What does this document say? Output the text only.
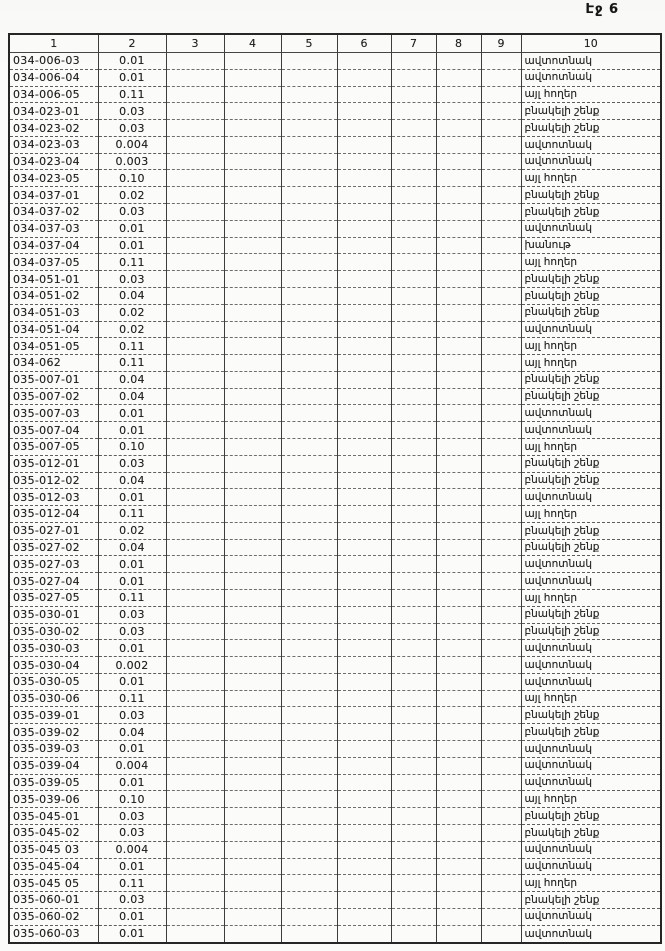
Էջ 6
1	2	3	4	5	6	7	8	9	10
034-006-03	0.01								ավտոտնակ
034-006-04	0.01								ավտոտնակ
034-006-05	0.11								այլ հողեր
034-023-01	0.03								բնակելի շենք
034-023-02	0.03								բնակելի շենք
034-023-03	0.004								ավտոտնակ
034-023-04	0.003								ավտոտնակ
034-023-05	0.10								այլ հողեր
034-037-01	0.02								բնակելի շենք
034-037-02	0.03								բնակելի շենք
034-037-03	0.01								ավտոտնակ
034-037-04	0.01								խանութ
034-037-05	0.11								այլ հողեր
034-051-01	0.03								բնակելի շենք
034-051-02	0.04								բնակելի շենք
034-051-03	0.02								բնակելի շենք
034-051-04	0.02								ավտոտնակ
034-051-05	0.11								այլ հողեր
034-062	0.11								այլ հողեր
035-007-01	0.04								բնակելի շենք
035-007-02	0.04								բնակելի շենք
035-007-03	0.01								ավտոտնակ
035-007-04	0.01								ավտոտնակ
035-007-05	0.10								այլ հողեր
035-012-01	0.03								բնակելի շենք
035-012-02	0.04								բնակելի շենք
035-012-03	0.01								ավտոտնակ
035-012-04	0.11								այլ հողեր
035-027-01	0.02								բնակելի շենք
035-027-02	0.04								բնակելի շենք
035-027-03	0.01								ավտոտնակ
035-027-04	0.01								ավտոտնակ
035-027-05	0.11								այլ հողեր
035-030-01	0.03								բնակելի շենք
035-030-02	0.03								բնակելի շենք
035-030-03	0.01								ավտոտնակ
035-030-04	0.002								ավտոտնակ
035-030-05	0.01								ավտոտնակ
035-030-06	0.11								այլ հողեր
035-039-01	0.03								բնակելի շենք
035-039-02	0.04								բնակելի շենք
035-039-03	0.01								ավտոտնակ
035-039-04	0.004								ավտոտնակ
035-039-05	0.01								ավտոտնակ
035-039-06	0.10								այլ հողեր
035-045-01	0.03								բնակելի շենք
035-045-02	0.03								բնակելի շենք
035-045 03	0.004								ավտոտնակ
035-045-04	0.01								ավտոտնակ
035-045 05	0.11								այլ հողեր
035-060-01	0.03								բնակելի շենք
035-060-02	0.01								ավտոտնակ
035-060-03	0.01								ավտոտնակ
